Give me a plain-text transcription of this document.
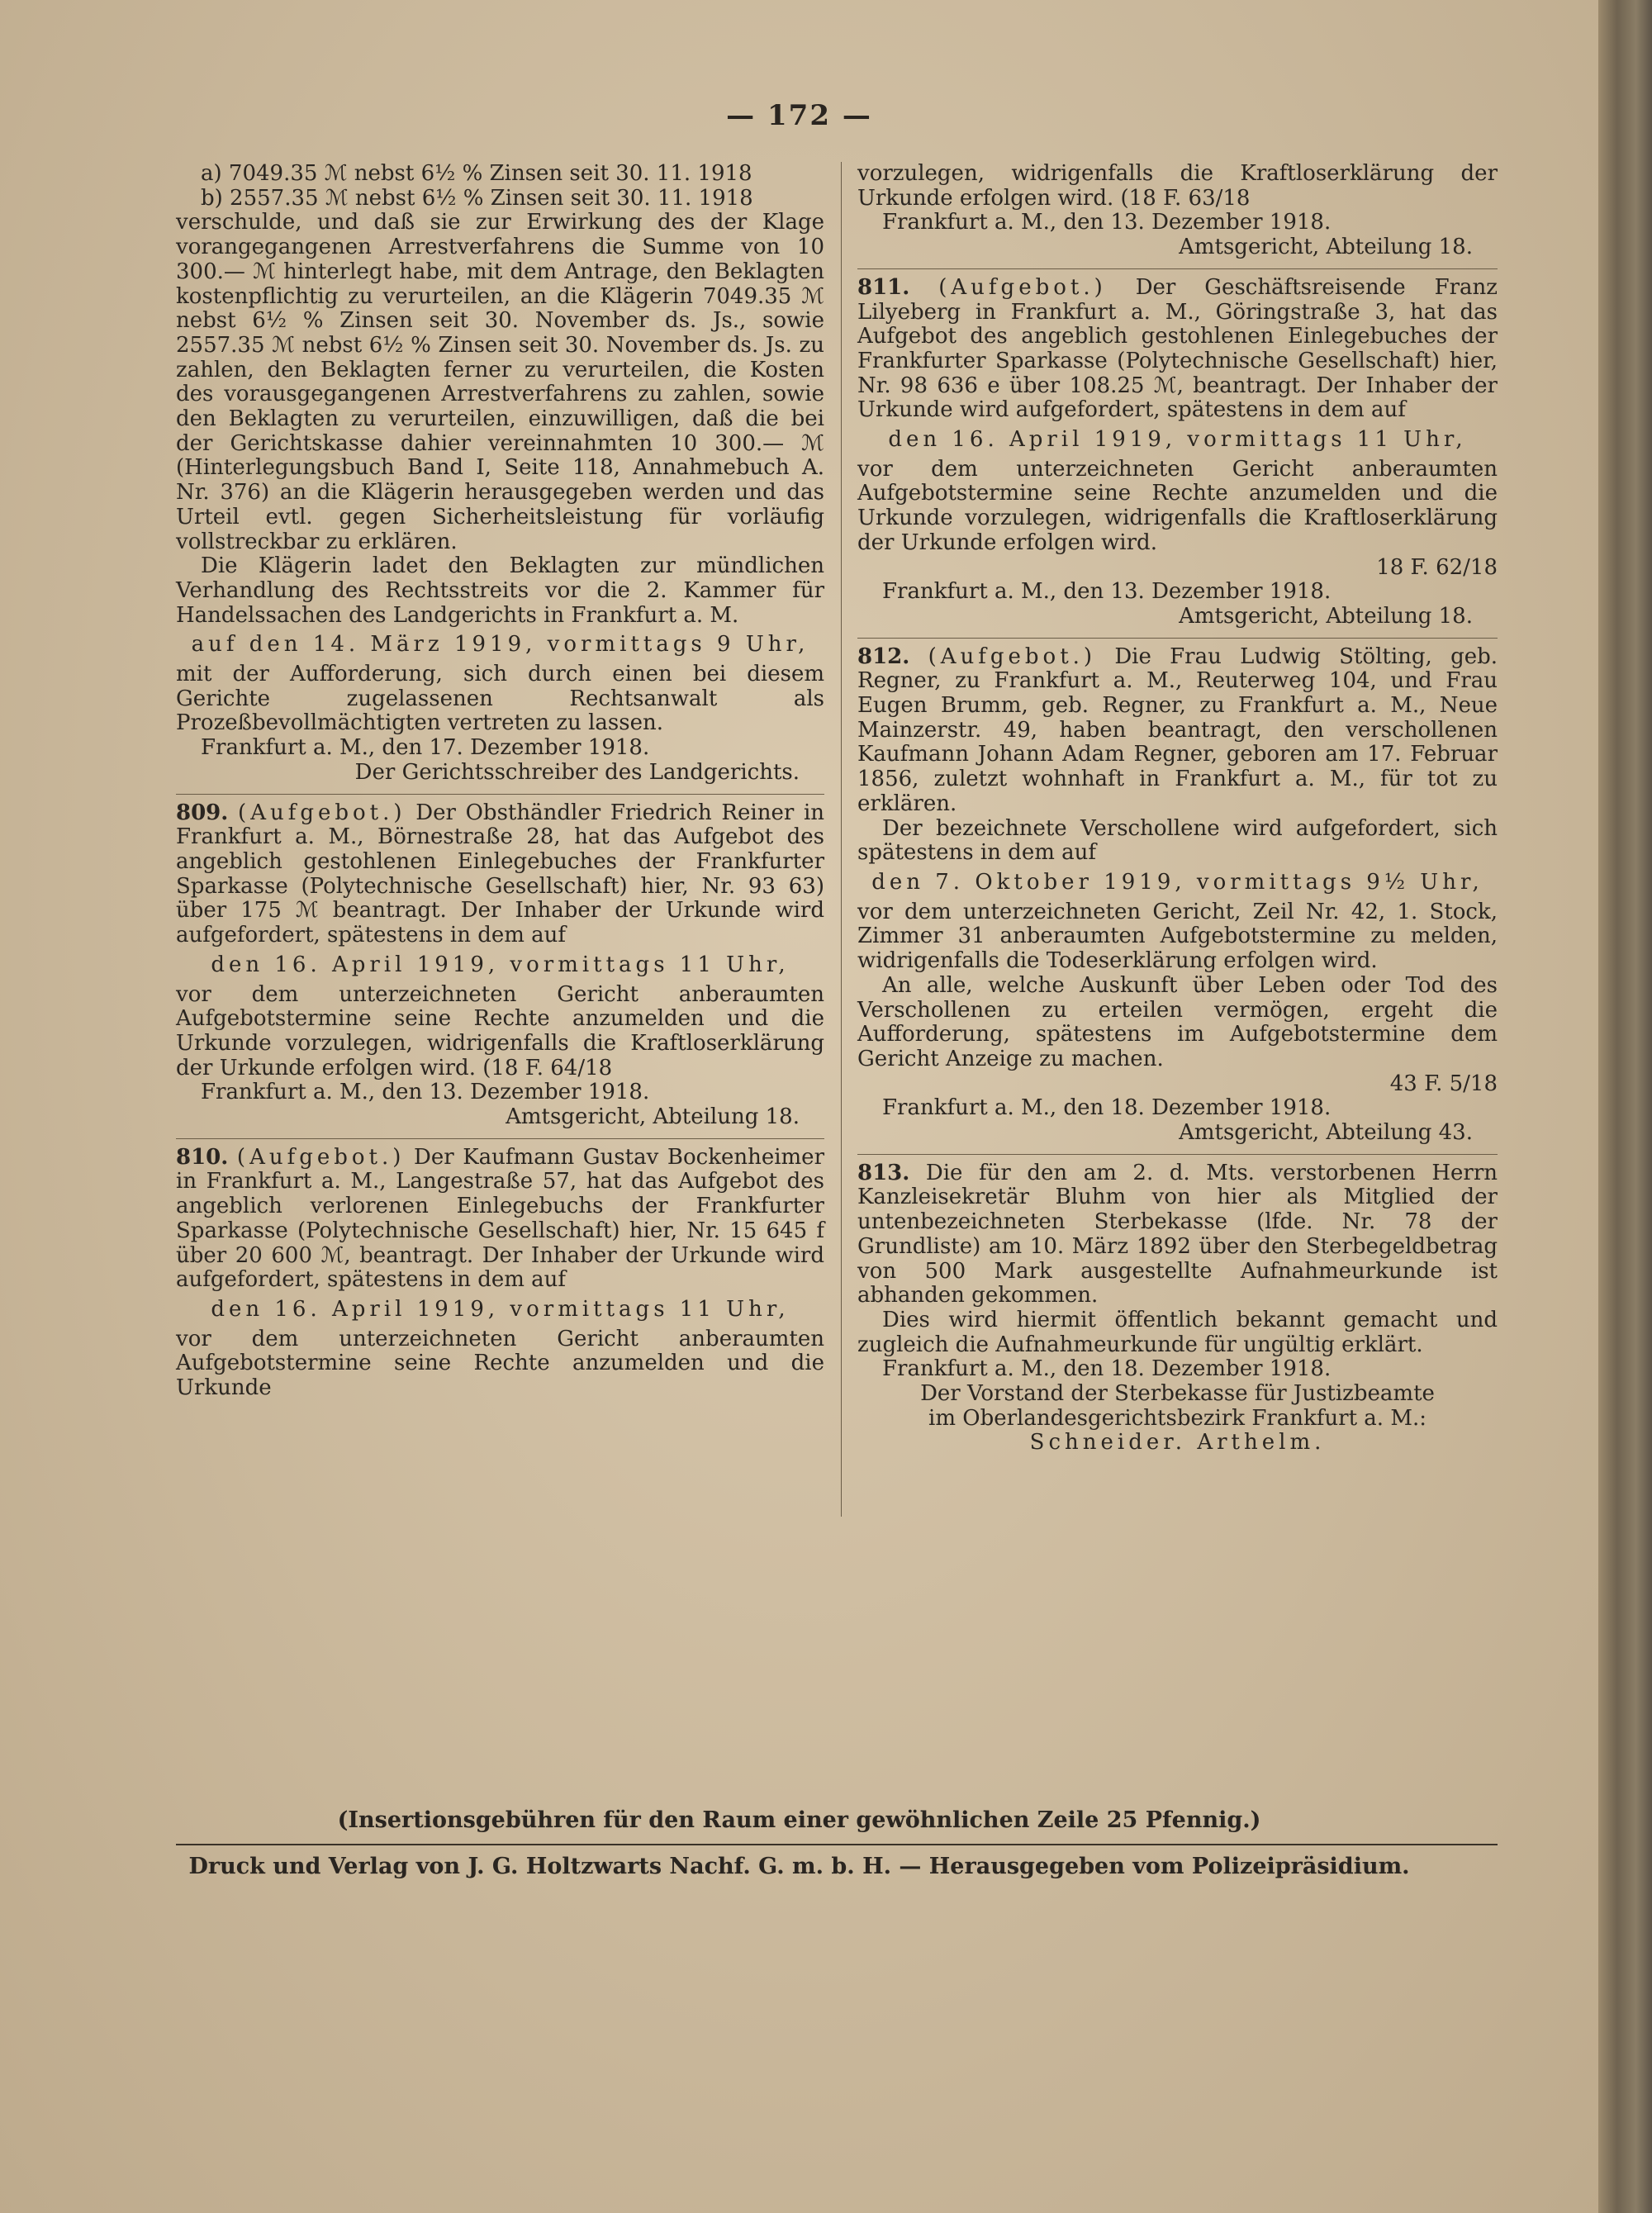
— 172 —

a) 7049.35 ℳ nebst 6½ % Zinsen seit 30. 11. 1918

b) 2557.35 ℳ nebst 6½ % Zinsen seit 30. 11. 1918

verschulde, und daß sie zur Erwirkung des der Klage vorangegangenen Arrestverfahrens die Summe von 10 300.— ℳ hinterlegt habe, mit dem Antrage, den Beklagten kostenpflichtig zu verurteilen, an die Klägerin 7049.35 ℳ nebst 6½ % Zinsen seit 30. November ds. Js., sowie 2557.35 ℳ nebst 6½ % Zinsen seit 30. November ds. Js. zu zahlen, den Beklagten ferner zu verurteilen, die Kosten des vorausgegangenen Arrestverfahrens zu zahlen, sowie den Beklagten zu verurteilen, einzuwilligen, daß die bei der Gerichtskasse dahier vereinnahmten 10 300.— ℳ (Hinterlegungsbuch Band I, Seite 118, Annahmebuch A. Nr. 376) an die Klägerin herausgegeben werden und das Urteil evtl. gegen Sicherheitsleistung für vorläufig vollstreckbar zu erklären.

Die Klägerin ladet den Beklagten zur mündlichen Verhandlung des Rechtsstreits vor die 2. Kammer für Handelssachen des Landgerichts in Frankfurt a. M.

auf den 14. März 1919, vormittags 9 Uhr,

mit der Aufforderung, sich durch einen bei diesem Gerichte zugelassenen Rechtsanwalt als Prozeßbevollmächtigten vertreten zu lassen.

Frankfurt a. M., den 17. Dezember 1918.

Der Gerichtsschreiber des Landgerichts.

809. (Aufgebot.) Der Obsthändler Friedrich Reiner in Frankfurt a. M., Börnestraße 28, hat das Aufgebot des angeblich gestohlenen Einlegebuches der Frankfurter Sparkasse (Polytechnische Gesellschaft) hier, Nr. 93 63) über 175 ℳ beantragt. Der Inhaber der Urkunde wird aufgefordert, spätestens in dem auf

den 16. April 1919, vormittags 11 Uhr,

vor dem unterzeichneten Gericht anberaumten Aufgebotstermine seine Rechte anzumelden und die Urkunde vorzulegen, widrigenfalls die Kraftloserklärung der Urkunde erfolgen wird. (18 F. 64/18

Frankfurt a. M., den 13. Dezember 1918.

Amtsgericht, Abteilung 18.

810. (Aufgebot.) Der Kaufmann Gustav Bockenheimer in Frankfurt a. M., Langestraße 57, hat das Aufgebot des angeblich verlorenen Einlegebuchs der Frankfurter Sparkasse (Polytechnische Gesellschaft) hier, Nr. 15 645 f über 20 600 ℳ, beantragt. Der Inhaber der Urkunde wird aufgefordert, spätestens in dem auf

den 16. April 1919, vormittags 11 Uhr,

vor dem unterzeichneten Gericht anberaumten Aufgebotstermine seine Rechte anzumelden und die Urkunde

vorzulegen, widrigenfalls die Kraftloserklärung der Urkunde erfolgen wird. (18 F. 63/18

Frankfurt a. M., den 13. Dezember 1918.

Amtsgericht, Abteilung 18.

811. (Aufgebot.) Der Geschäftsreisende Franz Lilyeberg in Frankfurt a. M., Göringstraße 3, hat das Aufgebot des angeblich gestohlenen Einlegebuches der Frankfurter Sparkasse (Polytechnische Gesellschaft) hier, Nr. 98 636 e über 108.25 ℳ, beantragt. Der Inhaber der Urkunde wird aufgefordert, spätestens in dem auf

den 16. April 1919, vormittags 11 Uhr,

vor dem unterzeichneten Gericht anberaumten Aufgebotstermine seine Rechte anzumelden und die Urkunde vorzulegen, widrigenfalls die Kraftloserklärung der Urkunde erfolgen wird.

18 F. 62/18

Frankfurt a. M., den 13. Dezember 1918.

Amtsgericht, Abteilung 18.

812. (Aufgebot.) Die Frau Ludwig Stölting, geb. Regner, zu Frankfurt a. M., Reuterweg 104, und Frau Eugen Brumm, geb. Regner, zu Frankfurt a. M., Neue Mainzerstr. 49, haben beantragt, den verschollenen Kaufmann Johann Adam Regner, geboren am 17. Februar 1856, zuletzt wohnhaft in Frankfurt a. M., für tot zu erklären.

Der bezeichnete Verschollene wird aufgefordert, sich spätestens in dem auf

den 7. Oktober 1919, vormittags 9½ Uhr,

vor dem unterzeichneten Gericht, Zeil Nr. 42, 1. Stock, Zimmer 31 anberaumten Aufgebotstermine zu melden, widrigenfalls die Todeserklärung erfolgen wird.

An alle, welche Auskunft über Leben oder Tod des Verschollenen zu erteilen vermögen, ergeht die Aufforderung, spätestens im Aufgebotstermine dem Gericht Anzeige zu machen.

43 F. 5/18

Frankfurt a. M., den 18. Dezember 1918.

Amtsgericht, Abteilung 43.

813. Die für den am 2. d. Mts. verstorbenen Herrn Kanzleisekretär Bluhm von hier als Mitglied der untenbezeichneten Sterbekasse (lfde. Nr. 78 der Grundliste) am 10. März 1892 über den Sterbegeldbetrag von 500 Mark ausgestellte Aufnahmeurkunde ist abhanden gekommen.

Dies wird hiermit öffentlich bekannt gemacht und zugleich die Aufnahmeurkunde für ungültig erklärt.

Frankfurt a. M., den 18. Dezember 1918.

Der Vorstand der Sterbekasse für Justizbeamte

im Oberlandesgerichtsbezirk Frankfurt a. M.:

Schneider. Arthelm.

(Insertionsgebühren für den Raum einer gewöhnlichen Zeile 25 Pfennig.)
Druck und Verlag von J. G. Holtzwarts Nachf. G. m. b. H. — Herausgegeben vom Polizeipräsidium.
